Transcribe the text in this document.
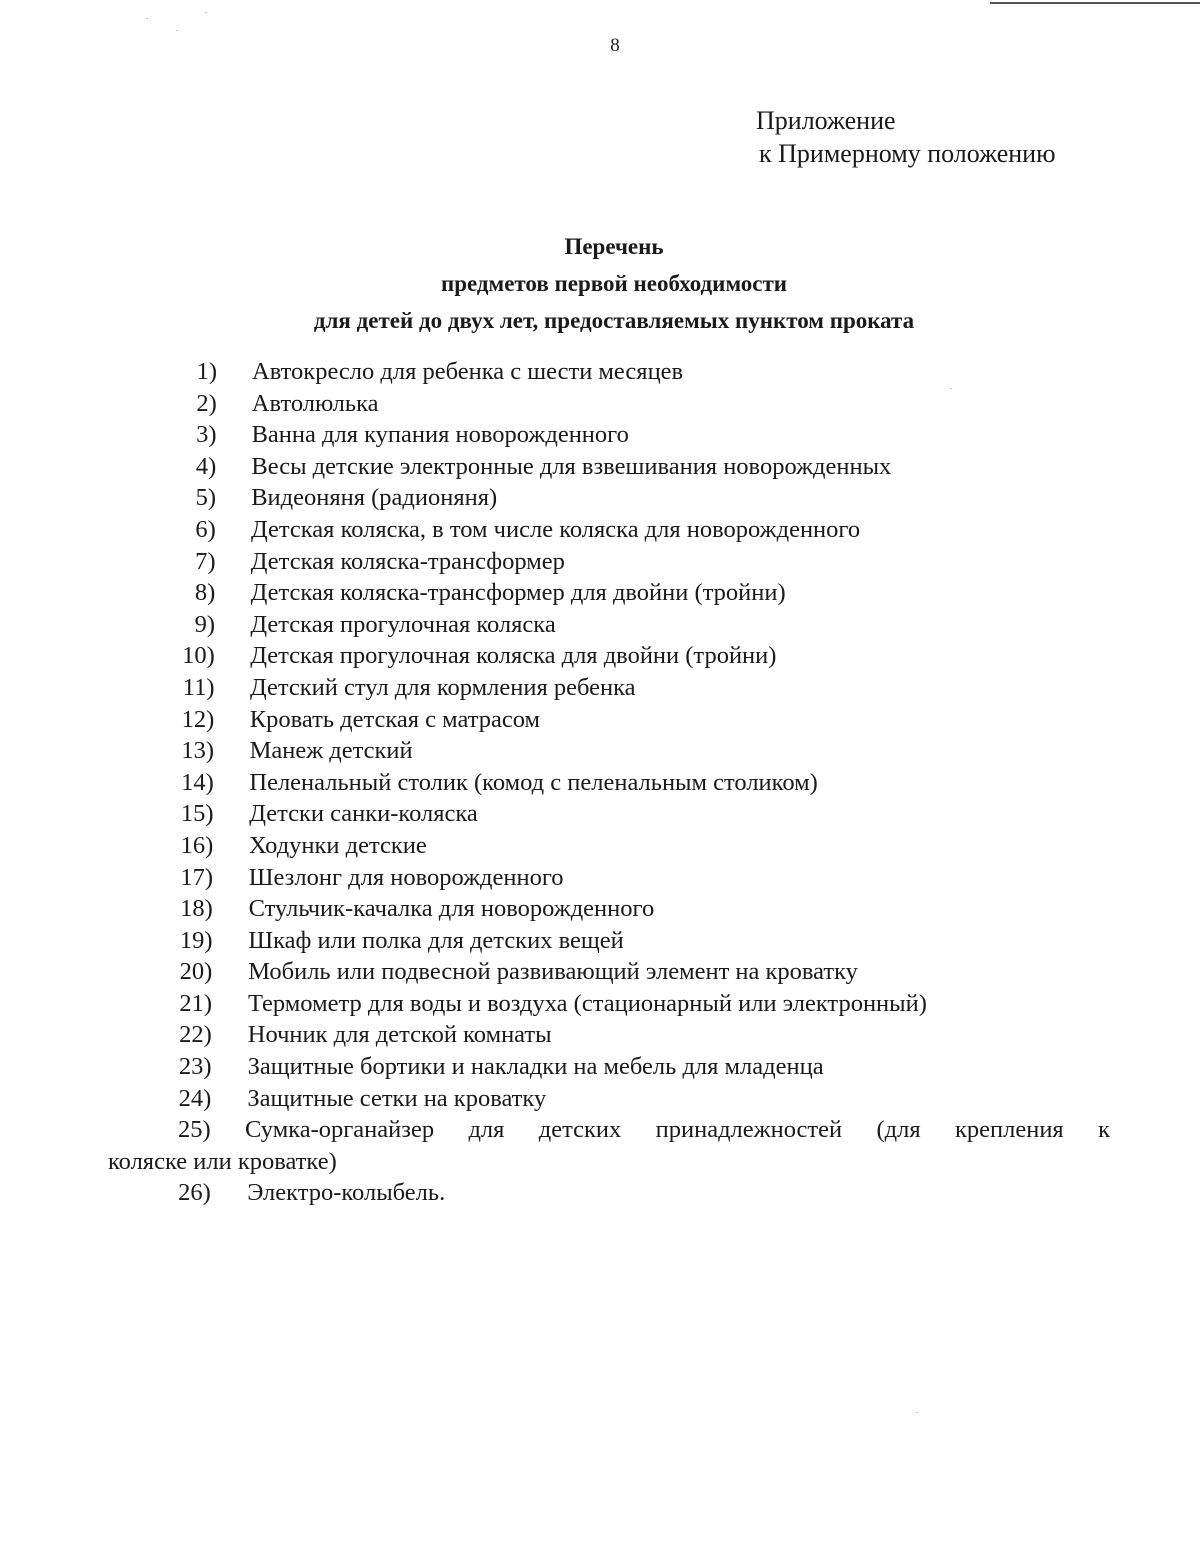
8
Приложение
к Примерному положению
Перечень
предметов первой необходимости
для детей до двух лет, предоставляемых пунктом проката
1) Автокресло для ребенка с шести месяцев
2) Автолюлька
3) Ванна для купания новорожденного
4) Весы детские электронные для взвешивания новорожденных
5) Видеоняня (радионяня)
6) Детская коляска, в том числе коляска для новорожденного
7) Детская коляска-трансформер
8) Детская коляска-трансформер для двойни (тройни)
9) Детская прогулочная коляска
10) Детская прогулочная коляска для двойни (тройни)
11) Детский стул для кормления ребенка
12) Кровать детская с матрасом
13) Манеж детский
14) Пеленальный столик (комод с пеленальным столиком)
15) Детски санки-коляска
16) Ходунки детские
17) Шезлонг для новорожденного
18) Стульчик-качалка для новорожденного
19) Шкаф или полка для детских вещей
20) Мобиль или подвесной развивающий элемент на кроватку
21) Термометр для воды и воздуха (стационарный или электронный)
22) Ночник для детской комнаты
23) Защитные бортики и накладки на мебель для младенца
24) Защитные сетки на кроватку
25) Сумка-органайзер для детских принадлежностей (для крепления к
коляске или кроватке)
26) Электро-колыбель.
